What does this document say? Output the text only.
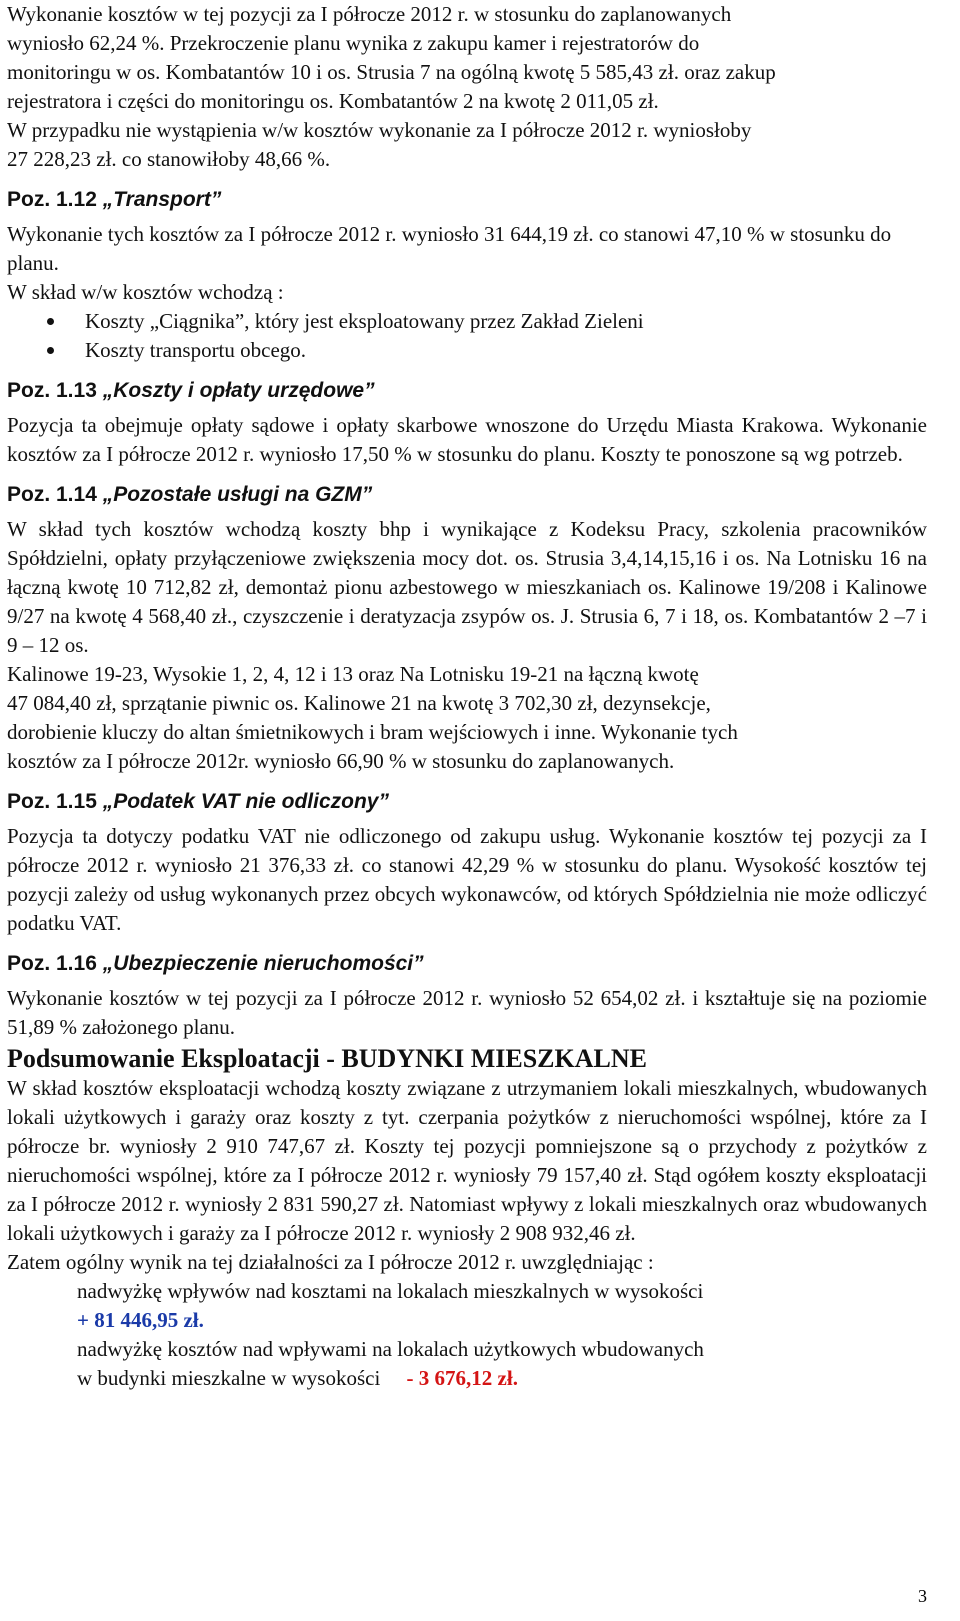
Wykonanie kosztów w tej pozycji za I półrocze 2012 r. w stosunku do zaplanowanych

wyniosło 62,24 %. Przekroczenie planu wynika z zakupu kamer i rejestratorów do

monitoringu w os. Kombatantów 10 i os. Strusia 7 na ogólną kwotę 5 585,43 zł. oraz zakup

rejestratora i części do monitoringu os. Kombatantów 2 na kwotę 2 011,05 zł.

W przypadku nie wystąpienia w/w kosztów wykonanie za I półrocze 2012 r. wyniosłoby

27 228,23 zł. co stanowiłoby 48,66 %.

Poz. 1.12 „Transport”

Wykonanie tych kosztów za I półrocze 2012 r. wyniosło 31 644,19 zł. co stanowi 47,10 % w stosunku do planu.

W skład w/w kosztów wchodzą :

Koszty „Ciągnika”, który jest eksploatowany przez Zakład Zieleni
Koszty transportu obcego.

Poz. 1.13 „Koszty i opłaty urzędowe”

Pozycja ta obejmuje opłaty sądowe i opłaty skarbowe wnoszone do Urzędu Miasta Krakowa. Wykonanie kosztów za I półrocze 2012 r. wyniosło 17,50 % w stosunku do planu. Koszty te ponoszone są wg potrzeb.

Poz. 1.14 „Pozostałe usługi na GZM”

W skład tych kosztów wchodzą koszty bhp i wynikające z Kodeksu Pracy, szkolenia pracowników Spółdzielni, opłaty przyłączeniowe zwiększenia mocy dot. os. Strusia 3,4,14,15,16 i os. Na Lotnisku 16 na łączną kwotę 10 712,82 zł, demontaż pionu azbestowego w mieszkaniach os. Kalinowe 19/208 i Kalinowe 9/27 na kwotę 4 568,40 zł., czyszczenie i deratyzacja zsypów os. J. Strusia 6, 7 i 18, os. Kombatantów 2 –7 i 9 – 12 os.

Kalinowe 19-23, Wysokie 1, 2, 4, 12 i 13 oraz Na Lotnisku 19-21 na łączną kwotę

47 084,40 zł, sprzątanie piwnic os. Kalinowe 21 na kwotę 3 702,30 zł, dezynsekcje,

dorobienie kluczy do altan śmietnikowych i bram wejściowych i inne. Wykonanie tych

kosztów za I półrocze 2012r. wyniosło 66,90 % w stosunku do zaplanowanych.

Poz. 1.15 „Podatek VAT nie odliczony”

Pozycja ta dotyczy podatku VAT nie odliczonego od zakupu usług. Wykonanie kosztów tej pozycji za I półrocze 2012 r. wyniosło 21 376,33 zł. co stanowi 42,29 % w stosunku do planu. Wysokość kosztów tej pozycji zależy od usług wykonanych przez obcych wykonawców, od których Spółdzielnia nie może odliczyć podatku VAT.

Poz. 1.16 „Ubezpieczenie nieruchomości”

Wykonanie kosztów w tej pozycji za I półrocze 2012 r. wyniosło 52 654,02 zł. i kształtuje się na poziomie 51,89 % założonego planu.

Podsumowanie Eksploatacji - BUDYNKI MIESZKALNE

W skład kosztów eksploatacji wchodzą koszty związane z utrzymaniem lokali mieszkalnych, wbudowanych lokali użytkowych i garaży oraz koszty z tyt. czerpania pożytków z nieruchomości wspólnej, które za I półrocze br. wyniosły 2 910 747,67 zł. Koszty tej pozycji pomniejszone są o przychody z pożytków z nieruchomości wspólnej, które za I półrocze 2012 r. wyniosły 79 157,40 zł. Stąd ogółem koszty eksploatacji za I półrocze 2012 r. wyniosły 2 831 590,27 zł. Natomiast wpływy z lokali mieszkalnych oraz wbudowanych lokali użytkowych i garaży za I półrocze 2012 r. wyniosły 2 908 932,46 zł.

Zatem ogólny wynik na tej działalności za I półrocze 2012 r. uwzględniając :

nadwyżkę wpływów nad kosztami na lokalach mieszkalnych w wysokości

+ 81 446,95 zł.

nadwyżkę kosztów nad wpływami na lokalach użytkowych wbudowanych

w budynki mieszkalne w wysokości - 3 676,12 zł.

3
